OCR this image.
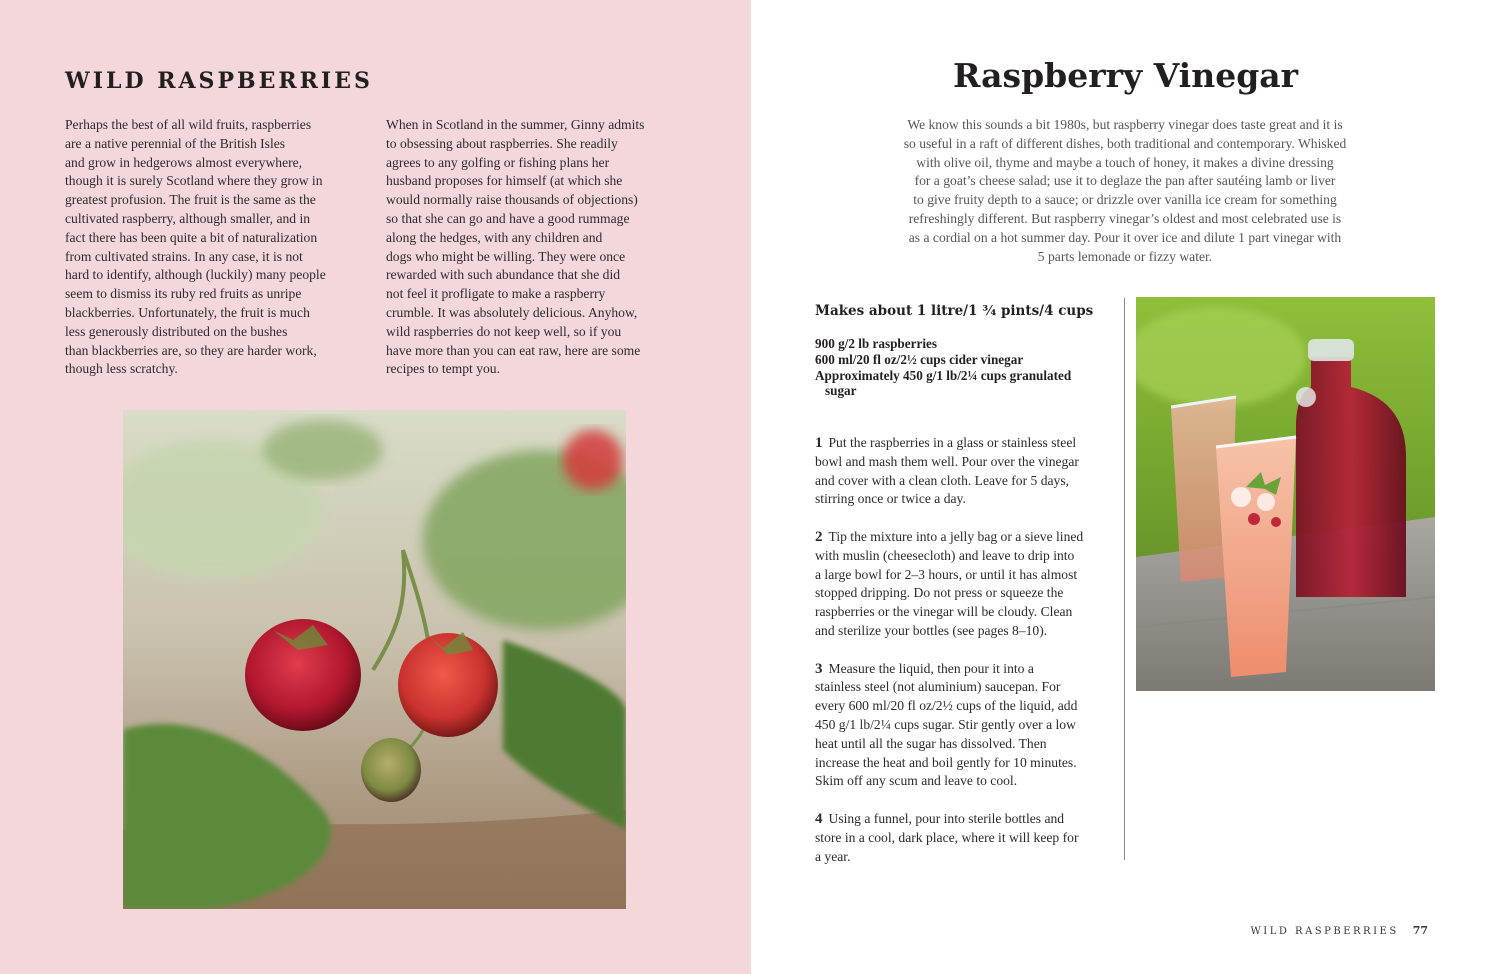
WILD RASPBERRIES
Perhaps the best of all wild fruits, raspberries
are a native perennial of the British Isles
and grow in hedgerows almost everywhere,
though it is surely Scotland where they grow in
greatest profusion. The fruit is the same as the
cultivated raspberry, although smaller, and in
fact there has been quite a bit of naturalization
from cultivated strains. In any case, it is not
hard to identify, although (luckily) many people
seem to dismiss its ruby red fruits as unripe
blackberries. Unfortunately, the fruit is much
less generously distributed on the bushes
than blackberries are, so they are harder work,
though less scratchy.
When in Scotland in the summer, Ginny admits
to obsessing about raspberries. She readily
agrees to any golfing or fishing plans her
husband proposes for himself (at which she
would normally raise thousands of objections)
so that she can go and have a good rummage
along the hedges, with any children and
dogs who might be willing. They were once
rewarded with such abundance that she did
not feel it profligate to make a raspberry
crumble. It was absolutely delicious. Anyhow,
wild raspberries do not keep well, so if you
have more than you can eat raw, here are some
recipes to tempt you.
Raspberry Vinegar
We know this sounds a bit 1980s, but raspberry vinegar does taste great and it is
so useful in a raft of different dishes, both traditional and contemporary. Whisked
with olive oil, thyme and maybe a touch of honey, it makes a divine dressing
for a goat’s cheese salad; use it to deglaze the pan after sautéing lamb or liver
to give fruity depth to a sauce; or drizzle over vanilla ice cream for something
refreshingly different. But raspberry vinegar’s oldest and most celebrated use is
as a cordial on a hot summer day. Pour it over ice and dilute 1 part vinegar with
5 parts lemonade or fizzy water.
Makes about 1 litre/1 ¾ pints/4 cups
900 g/2 lb raspberries
600 ml/20 fl oz/2½ cups cider vinegar
Approximately 450 g/1 lb/2¼ cups granulated
sugar
1 Put the raspberries in a glass or stainless steel
bowl and mash them well. Pour over the vinegar
and cover with a clean cloth. Leave for 5 days,
stirring once or twice a day.
2 Tip the mixture into a jelly bag or a sieve lined
with muslin (cheesecloth) and leave to drip into
a large bowl for 2–3 hours, or until it has almost
stopped dripping. Do not press or squeeze the
raspberries or the vinegar will be cloudy. Clean
and sterilize your bottles (see pages 8–10).
3 Measure the liquid, then pour it into a
stainless steel (not aluminium) saucepan. For
every 600 ml/20 fl oz/2½ cups of the liquid, add
450 g/1 lb/2¼ cups sugar. Stir gently over a low
heat until all the sugar has dissolved. Then
increase the heat and boil gently for 10 minutes.
Skim off any scum and leave to cool.
4 Using a funnel, pour into sterile bottles and
store in a cool, dark place, where it will keep for
a year.
WILD RASPBERRIES 77
